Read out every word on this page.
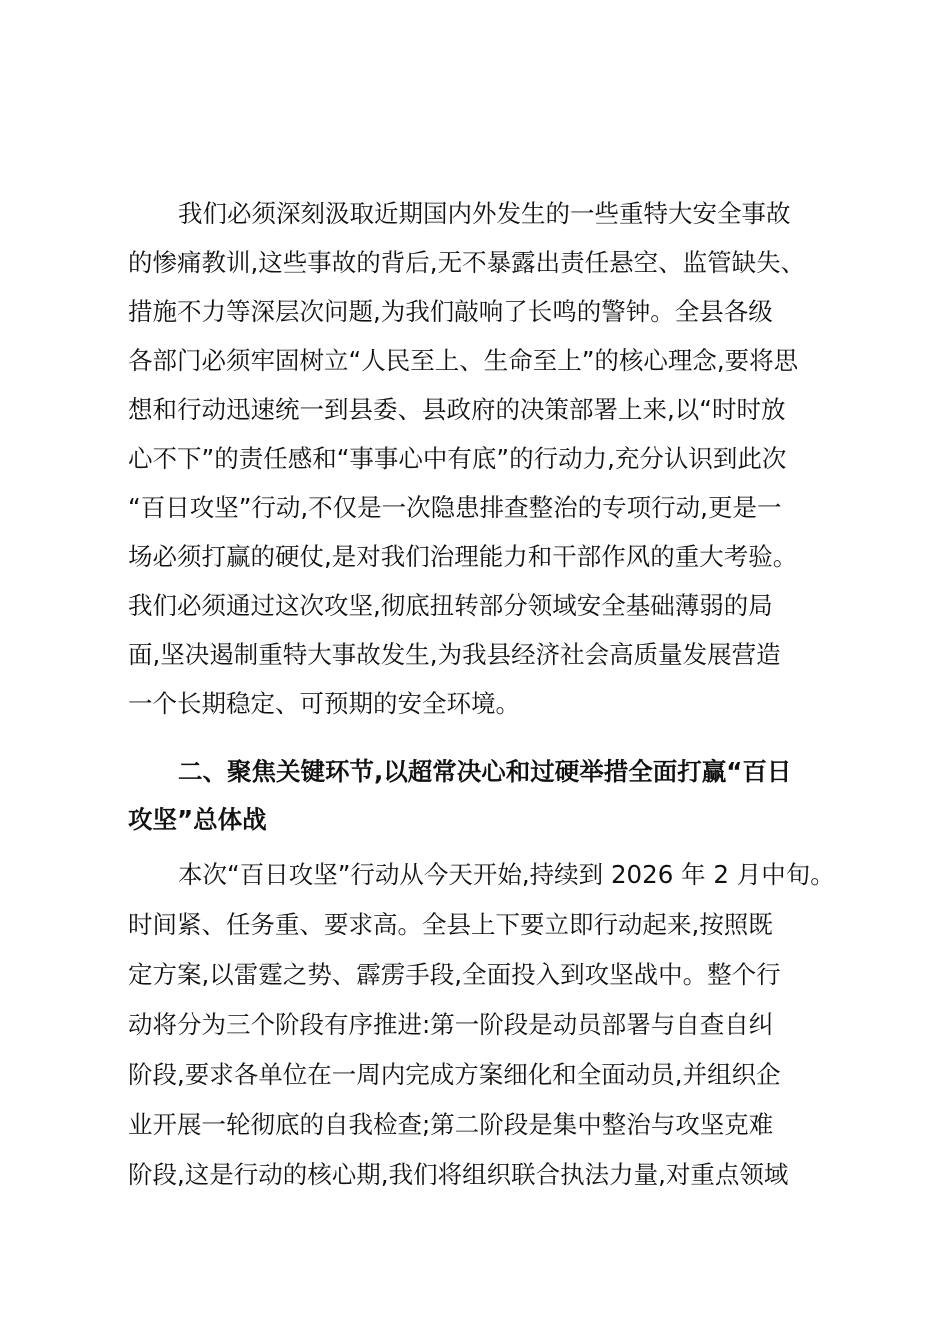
我们必须深刻汲取近期国内外发生的一些重特大安全事故
的惨痛教训,这些事故的背后,无不暴露出责任悬空、监管缺失、
措施不力等深层次问题,为我们敲响了长鸣的警钟。全县各级
各部门必须牢固树立“人民至上、生命至上”的核心理念,要将思
想和行动迅速统一到县委、县政府的决策部署上来,以“时时放
心不下”的责任感和“事事心中有底”的行动力,充分认识到此次
“百日攻坚”行动,不仅是一次隐患排查整治的专项行动,更是一
场必须打赢的硬仗,是对我们治理能力和干部作风的重大考验。
我们必须通过这次攻坚,彻底扭转部分领域安全基础薄弱的局
面,坚决遏制重特大事故发生,为我县经济社会高质量发展营造
一个长期稳定、可预期的安全环境。
二、聚焦关键环节,以超常决心和过硬举措全面打赢“百日
攻坚”总体战
本次“百日攻坚”行动从今天开始,持续到 2026 年 2 月中旬。
时间紧、任务重、要求高。全县上下要立即行动起来,按照既
定方案,以雷霆之势、霹雳手段,全面投入到攻坚战中。整个行
动将分为三个阶段有序推进:第一阶段是动员部署与自查自纠
阶段,要求各单位在一周内完成方案细化和全面动员,并组织企
业开展一轮彻底的自我检查;第二阶段是集中整治与攻坚克难
阶段,这是行动的核心期,我们将组织联合执法力量,对重点领域
